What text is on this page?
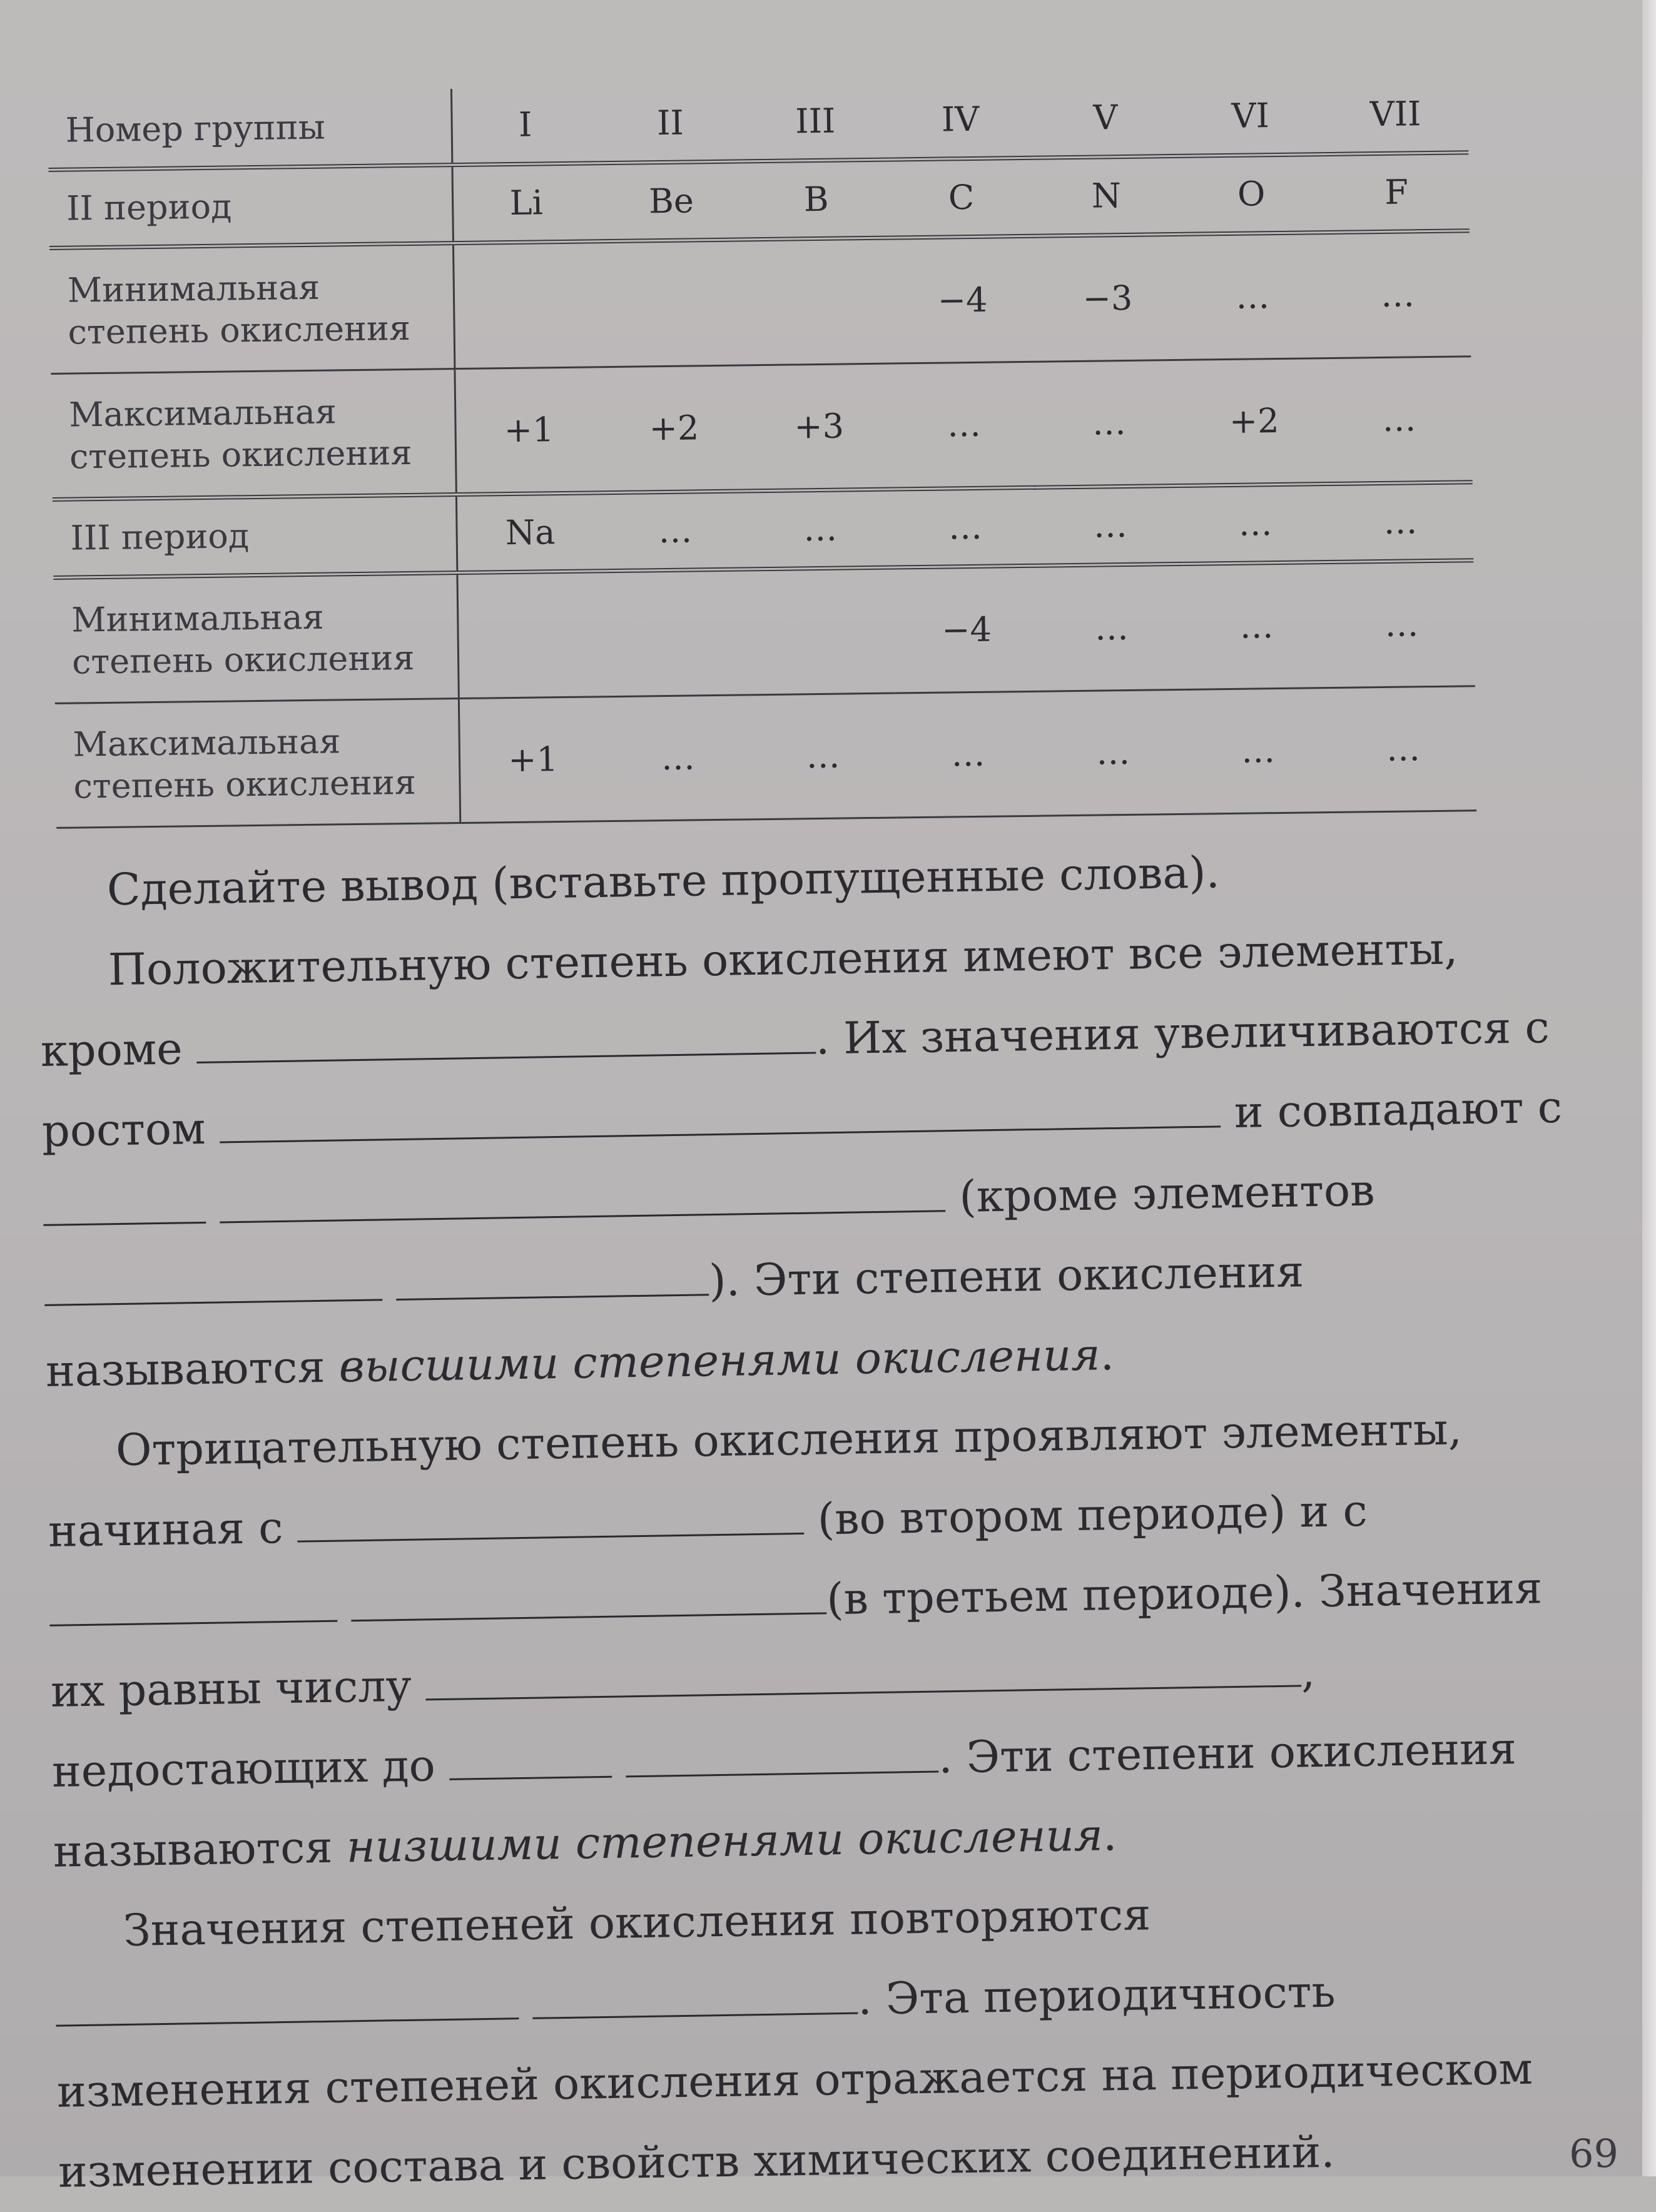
Номер группы	I	II	III	IV	V	VI	VII
II период	Li	Be	B	C	N	O	F
Минимальная степень окисления				−4	−3	…	…
Максимальная степень окисления	+1	+2	+3	…	…	+2	…
III период	Na	…	…	…	…	…	…
Минимальная степень окисления				−4	…	…	…
Максимальная степень окисления	+1	…	…	…	…	…	…

Сделайте вывод (вставьте пропущенные слова).

Положительную степень окисления имеют все элементы, кроме	. Их значения увеличиваются с ростом	и совпадают с   (кроме элементов  ). Эти степени окисления называются высшими степенями окисления.

Отрицательную степень окисления проявляют элементы, начиная с	(во втором периоде) и с  (в третьем периоде). Значения их равны числу	, недостающих до	. Эти степени окисления называются низшими степенями окисления.

Значения степеней окисления повторяются  . Эта периодичность изменения степеней окисления отражается на периодическом изменении состава и свойств химических соединений.	69
